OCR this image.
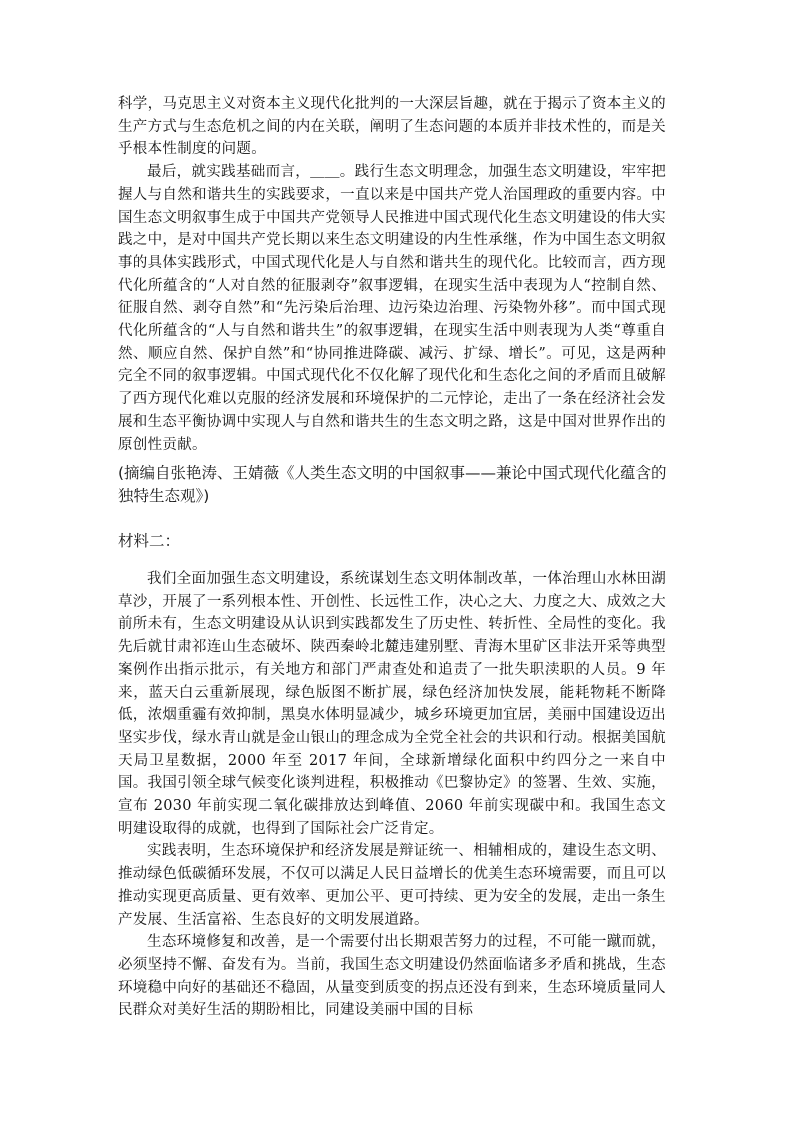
科学，马克思主义对资本主义现代化批判的一大深层旨趣，就在于揭示了资本主义的生产方式与生态危机之间的内在关联，阐明了生态问题的本质并非技术性的，而是关乎根本性制度的问题。

最后，就实践基础而言，＿＿。践行生态文明理念，加强生态文明建设，牢牢把握人与自然和谐共生的实践要求，一直以来是中国共产党人治国理政的重要内容。中国生态文明叙事生成于中国共产党领导人民推进中国式现代化生态文明建设的伟大实践之中，是对中国共产党长期以来生态文明建设的内生性承继，作为中国生态文明叙事的具体实践形式，中国式现代化是人与自然和谐共生的现代化。比较而言，西方现代化所蕴含的“人对自然的征服剥夺”叙事逻辑，在现实生活中表现为人“控制自然、征服自然、剥夺自然”和“先污染后治理、边污染边治理、污染物外移”。而中国式现代化所蕴含的“人与自然和谐共生”的叙事逻辑，在现实生活中则表现为人类“尊重自然、顺应自然、保护自然”和“协同推进降碳、减污、扩绿、增长”。可见，这是两种完全不同的叙事逻辑。中国式现代化不仅化解了现代化和生态化之间的矛盾而且破解了西方现代化难以克服的经济发展和环境保护的二元悖论，走出了一条在经济社会发展和生态平衡协调中实现人与自然和谐共生的生态文明之路，这是中国对世界作出的原创性贡献。

(摘编自张艳涛、王婧薇《人类生态文明的中国叙事——兼论中国式现代化蕴含的独特生态观》)
材料二：

我们全面加强生态文明建设，系统谋划生态文明体制改革，一体治理山水林田湖草沙，开展了一系列根本性、开创性、长远性工作，决心之大、力度之大、成效之大前所未有，生态文明建设从认识到实践都发生了历史性、转折性、全局性的变化。我先后就甘肃祁连山生态破坏、陕西秦岭北麓违建别墅、青海木里矿区非法开采等典型案例作出指示批示，有关地方和部门严肃查处和追责了一批失职渎职的人员。9 年来，蓝天白云重新展现，绿色版图不断扩展，绿色经济加快发展，能耗物耗不断降低，浓烟重霾有效抑制，黑臭水体明显减少，城乡环境更加宜居，美丽中国建设迈出坚实步伐，绿水青山就是金山银山的理念成为全党全社会的共识和行动。根据美国航天局卫星数据，2000 年至 2017 年间，全球新增绿化面积中约四分之一来自中国。我国引领全球气候变化谈判进程，积极推动《巴黎协定》的签署、生效、实施，宣布 2030 年前实现二氧化碳排放达到峰值、2060 年前实现碳中和。我国生态文明建设取得的成就，也得到了国际社会广泛肯定。

实践表明，生态环境保护和经济发展是辩证统一、相辅相成的，建设生态文明、推动绿色低碳循环发展，不仅可以满足人民日益增长的优美生态环境需要，而且可以推动实现更高质量、更有效率、更加公平、更可持续、更为安全的发展，走出一条生产发展、生活富裕、生态良好的文明发展道路。

生态环境修复和改善，是一个需要付出长期艰苦努力的过程，不可能一蹴而就，必须坚持不懈、奋发有为。当前，我国生态文明建设仍然面临诸多矛盾和挑战，生态环境稳中向好的基础还不稳固，从量变到质变的拐点还没有到来，生态环境质量同人民群众对美好生活的期盼相比，同建设美丽中国的目标
